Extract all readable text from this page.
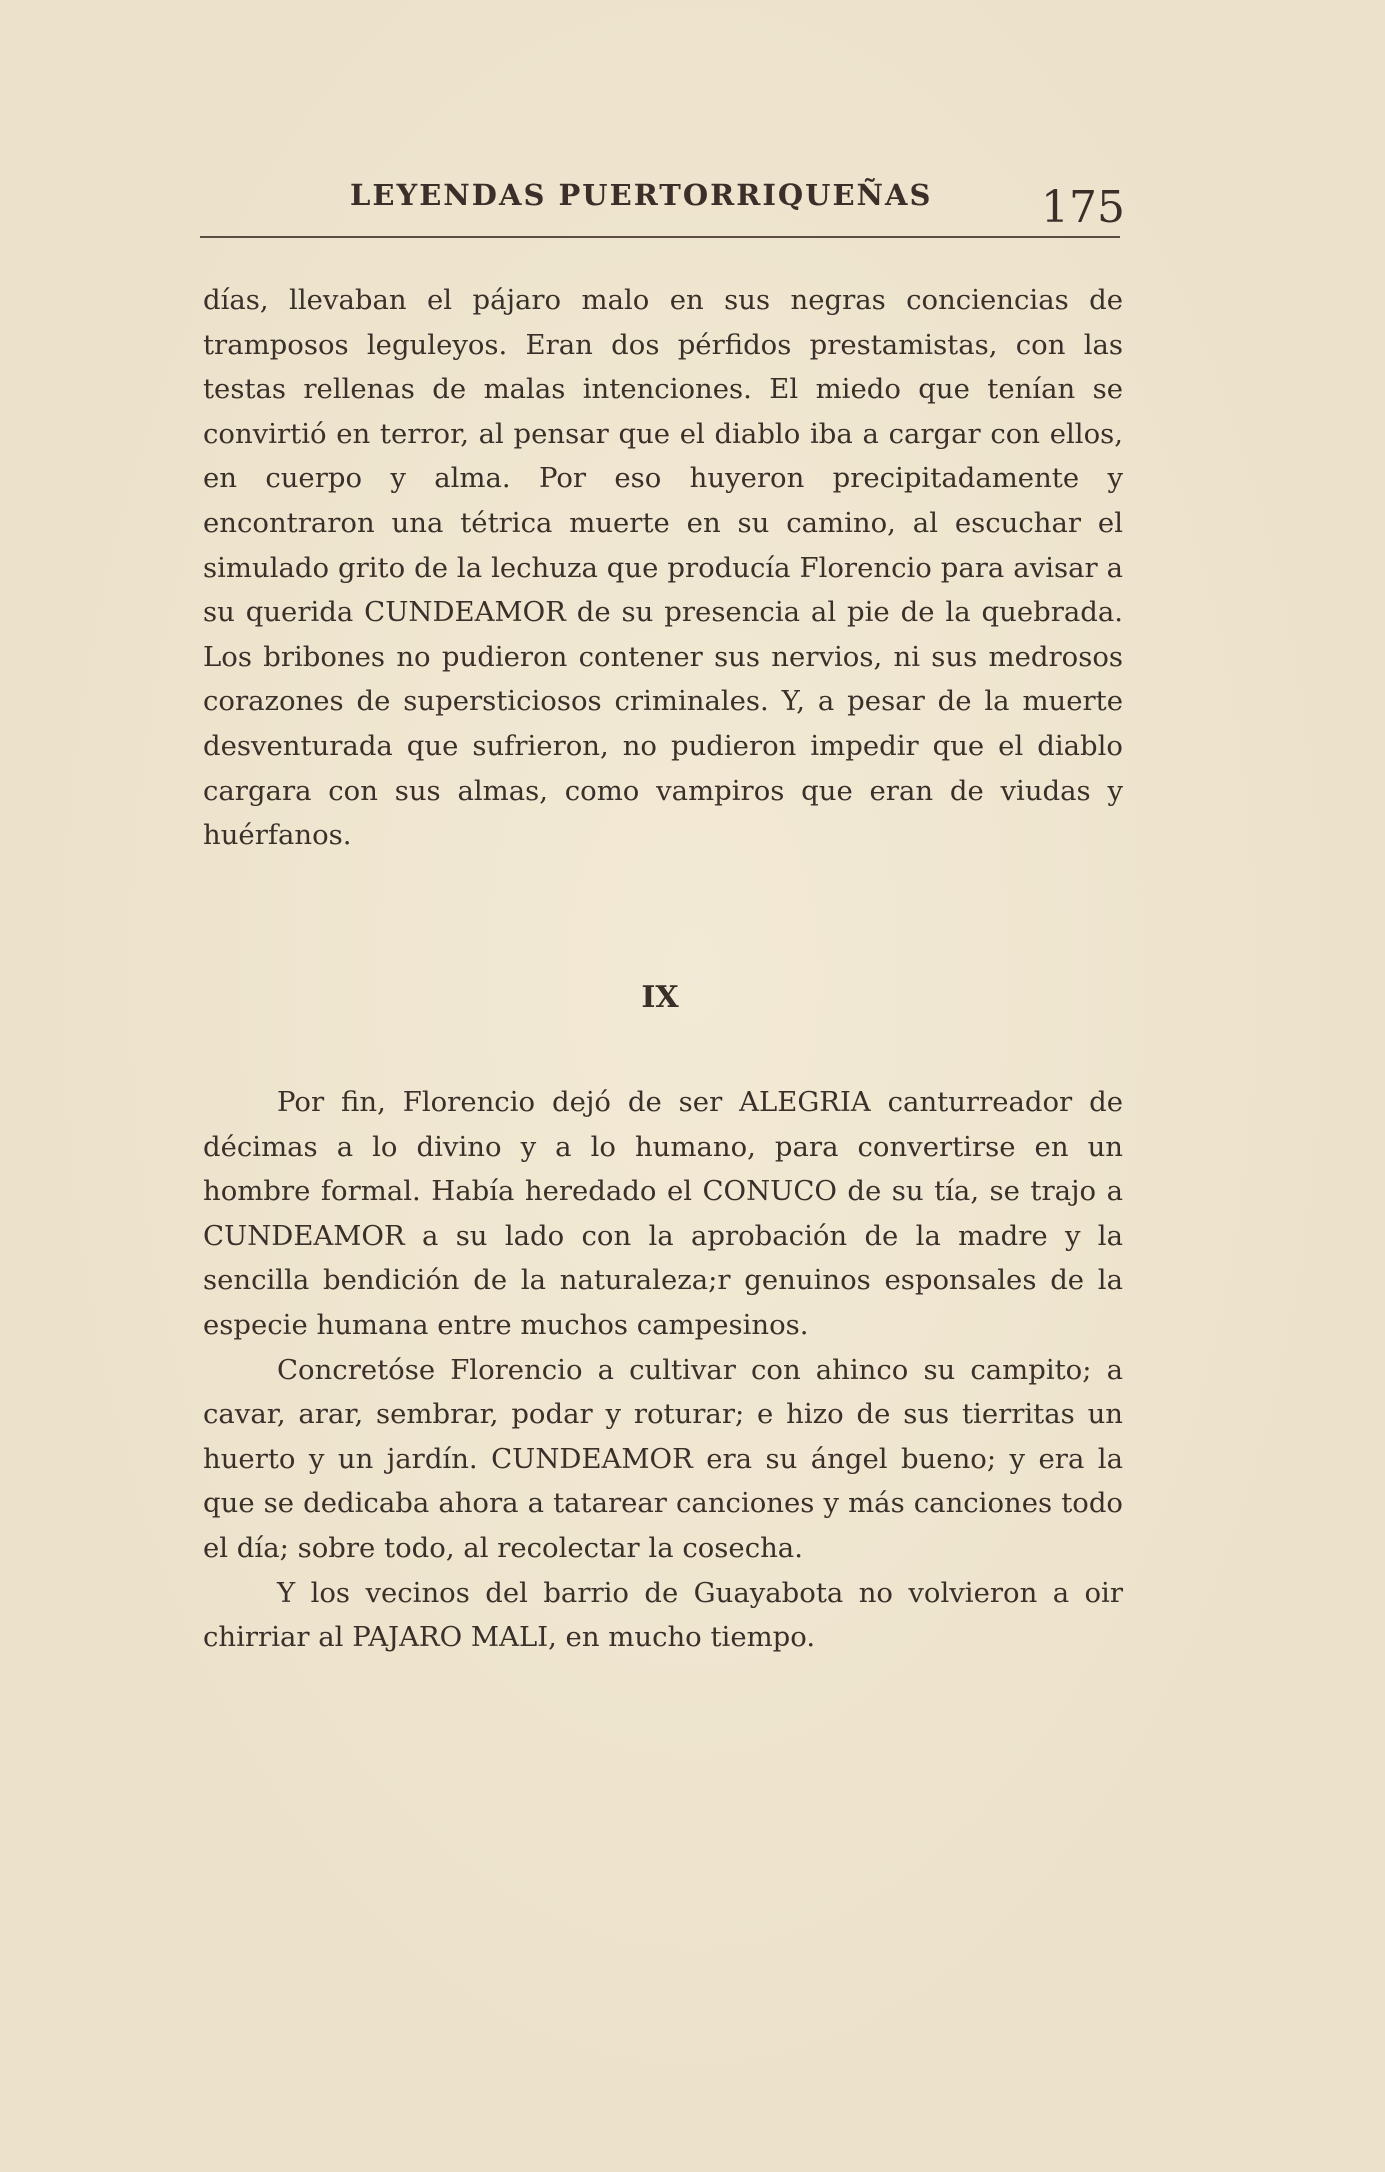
LEYENDAS PUERTORRIQUEÑAS 175

días, llevaban el pájaro malo en sus negras conciencias de tramposos leguleyos. Eran dos pérfidos prestamistas, con las testas rellenas de malas intenciones. El miedo que tenían se convirtió en terror, al pensar que el diablo iba a cargar con ellos, en cuerpo y alma. Por eso huyeron precipitadamente y encontraron una tétrica muerte en su camino, al escuchar el simulado grito de la lechuza que producía Florencio para avisar a su querida CUNDEAMOR de su presencia al pie de la quebrada. Los bribones no pudieron contener sus nervios, ni sus medrosos corazones de supersticiosos criminales. Y, a pesar de la muerte desventurada que sufrieron, no pudieron impedir que el diablo cargara con sus almas, como vampiros que eran de viudas y huérfanos.

IX

Por fin, Florencio dejó de ser ALEGRIA canturreador de décimas a lo divino y a lo humano, para convertirse en un hombre formal. Había heredado el CONUCO de su tía, se trajo a CUNDEAMOR a su lado con la aprobación de la madre y la sencilla bendición de la naturaleza;r genuinos esponsales de la especie humana entre muchos campesinos.

Concretóse Florencio a cultivar con ahinco su campito; a cavar, arar, sembrar, podar y roturar; e hizo de sus tierritas un huerto y un jardín. CUNDEAMOR era su ángel bueno; y era la que se dedicaba ahora a tatarear canciones y más canciones todo el día; sobre todo, al recolectar la cosecha.

Y los vecinos del barrio de Guayabota no volvieron a oir chirriar al PAJARO MALI, en mucho tiempo.
